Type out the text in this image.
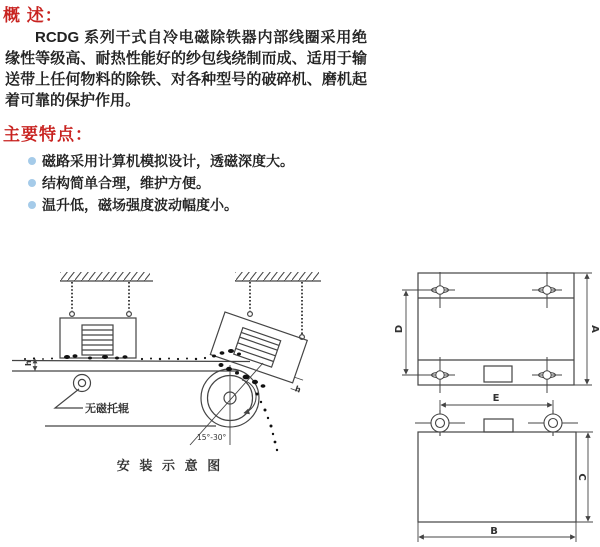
概 述：
RCDG 系列干式自冷电磁除铁器内部线圈采用绝缘性等级高、耐热性能好的纱包线绕制而成、适用于输送带上任何物料的除铁、对各种型号的破碎机、磨机起着可靠的保护作用。
主要特点：
磁路采用计算机模拟设计，透磁深度大。
结构简单合理，维护方便。
温升低，磁场强度波动幅度小。
h
无磁托辊
15°-30°
h
安 装 示 意 图
D	A
E
C
B
